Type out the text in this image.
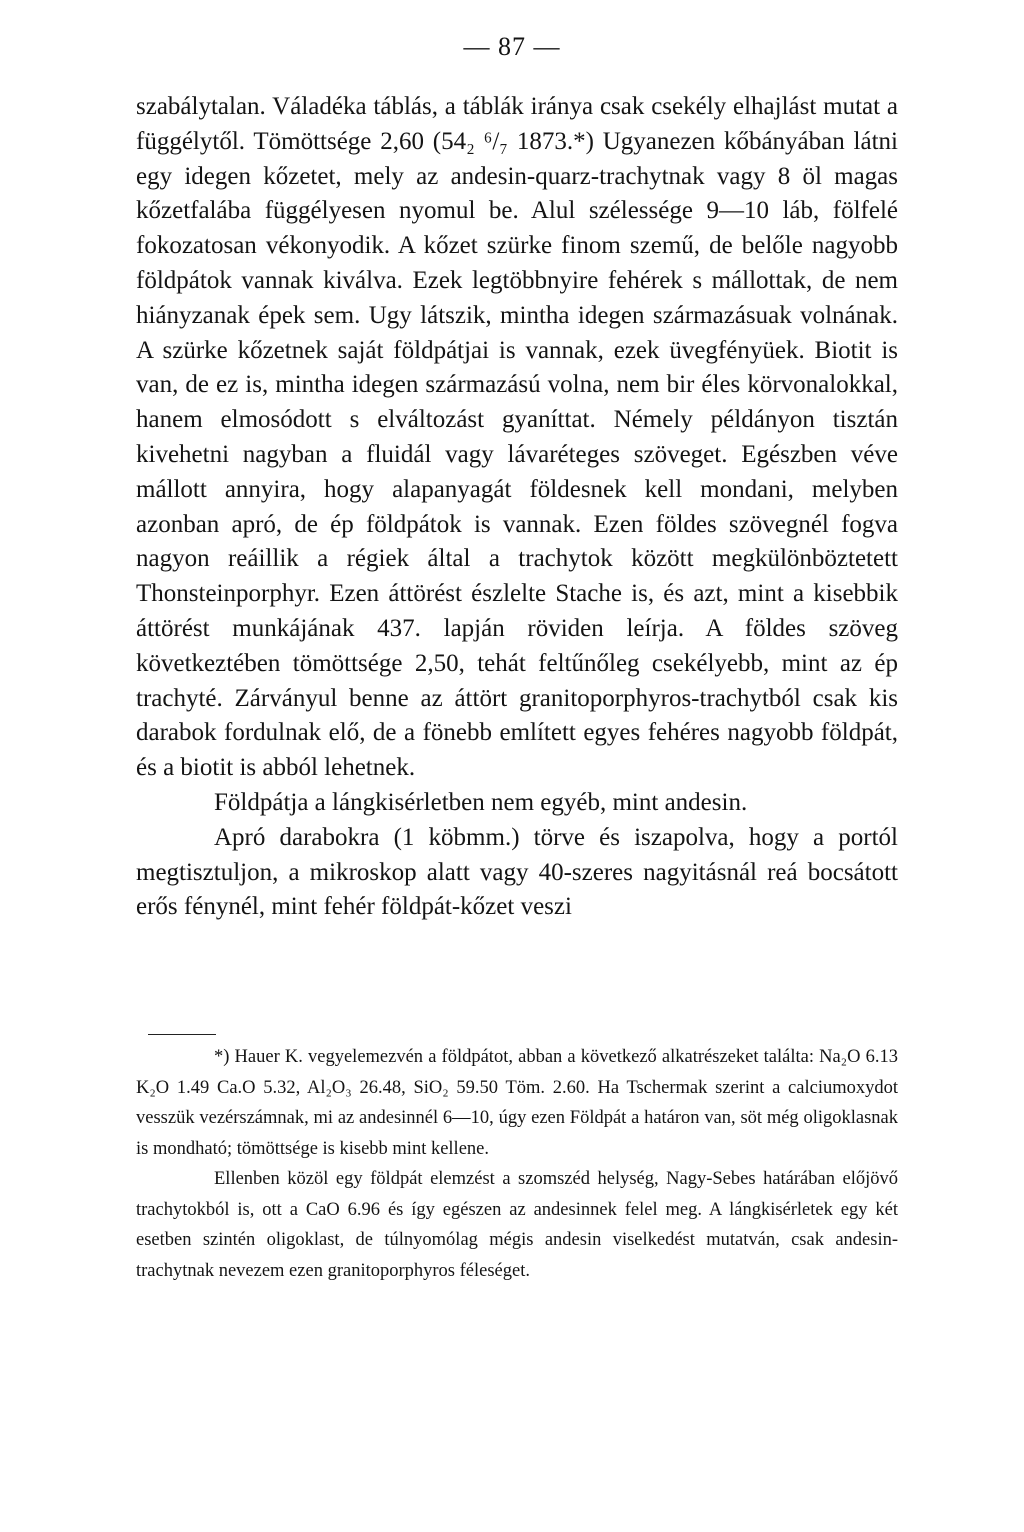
— 87 —

szabálytalan. Váladéka táblás, a táblák iránya csak csekély elhajlást mutat a függélytől. Tömöttsége 2,60 (54₂ ⁶/₇ 1873.*) Ugyanezen kőbányában látni egy idegen kőzetet, mely az andesin-quarz-trachytnak vagy 8 öl magas kőzetfalába függélyesen nyomul be. Alul szélessége 9—10 láb, fölfelé fokozatosan vékonyodik. A kőzet szürke finom szemű, de belőle nagyobb földpátok vannak kiválva. Ezek legtöbbnyire fehérek s mállottak, de nem hiányzanak épek sem. Ugy látszik, mintha idegen származásuak volnának. A szürke kőzetnek saját földpátjai is vannak, ezek üvegfényüek. Biotit is van, de ez is, mintha idegen származású volna, nem bir éles körvonalokkal, hanem elmosódott s elváltozást gyaníttat. Némely példányon tisztán kivehetni nagyban a fluidál vagy lávaréteges szöveget. Egészben véve mállott annyira, hogy alapanyagát földesnek kell mondani, melyben azonban apró, de ép földpátok is vannak. Ezen földes szövegnél fogva nagyon reáillik a régiek által a trachytok között megkülönböztetett Thonsteinporphyr. Ezen áttörést észlelte Stache is, és azt, mint a kisebbik áttörést munkájának 437. lapján röviden leírja. A földes szöveg következtében tömöttsége 2,50, tehát feltűnőleg csekélyebb, mint az ép trachyté. Zárványul benne az áttört granitoporphyros-trachytból csak kis darabok fordulnak elő, de a fönebb említett egyes fehéres nagyobb földpát, és a biotit is abból lehetnek.

Földpátja a lángkisérletben nem egyéb, mint andesin.

Apró darabokra (1 köbmm.) törve és iszapolva, hogy a portól megtisztuljon, a mikroskop alatt vagy 40-szeres nagyitásnál reá bocsátott erős fénynél, mint fehér földpát-kőzet veszi

*) Hauer K. vegyelemezvén a földpátot, abban a következő alkatrészeket találta: Na₂O 6.13 K₂O 1.49 Ca.O 5.32, Al₂O₃ 26.48, SiO₂ 59.50 Töm. 2.60. Ha Tschermak szerint a calciumoxydot vesszük vezérszámnak, mi az andesinnél 6—10, úgy ezen Földpát a határon van, söt még oligoklasnak is mondható; tömöttsége is kisebb mint kellene.

Ellenben közöl egy földpát elemzést a szomszéd helység, Nagy-Sebes határában előjövő trachytokból is, ott a CaO 6.96 és így egészen az andesinnek felel meg. A lángkisérletek egy két esetben szintén oligoklast, de túlnyomólag mégis andesin viselkedést mutatván, csak andesin-trachytnak nevezem ezen granitoporphyros féleséget.
